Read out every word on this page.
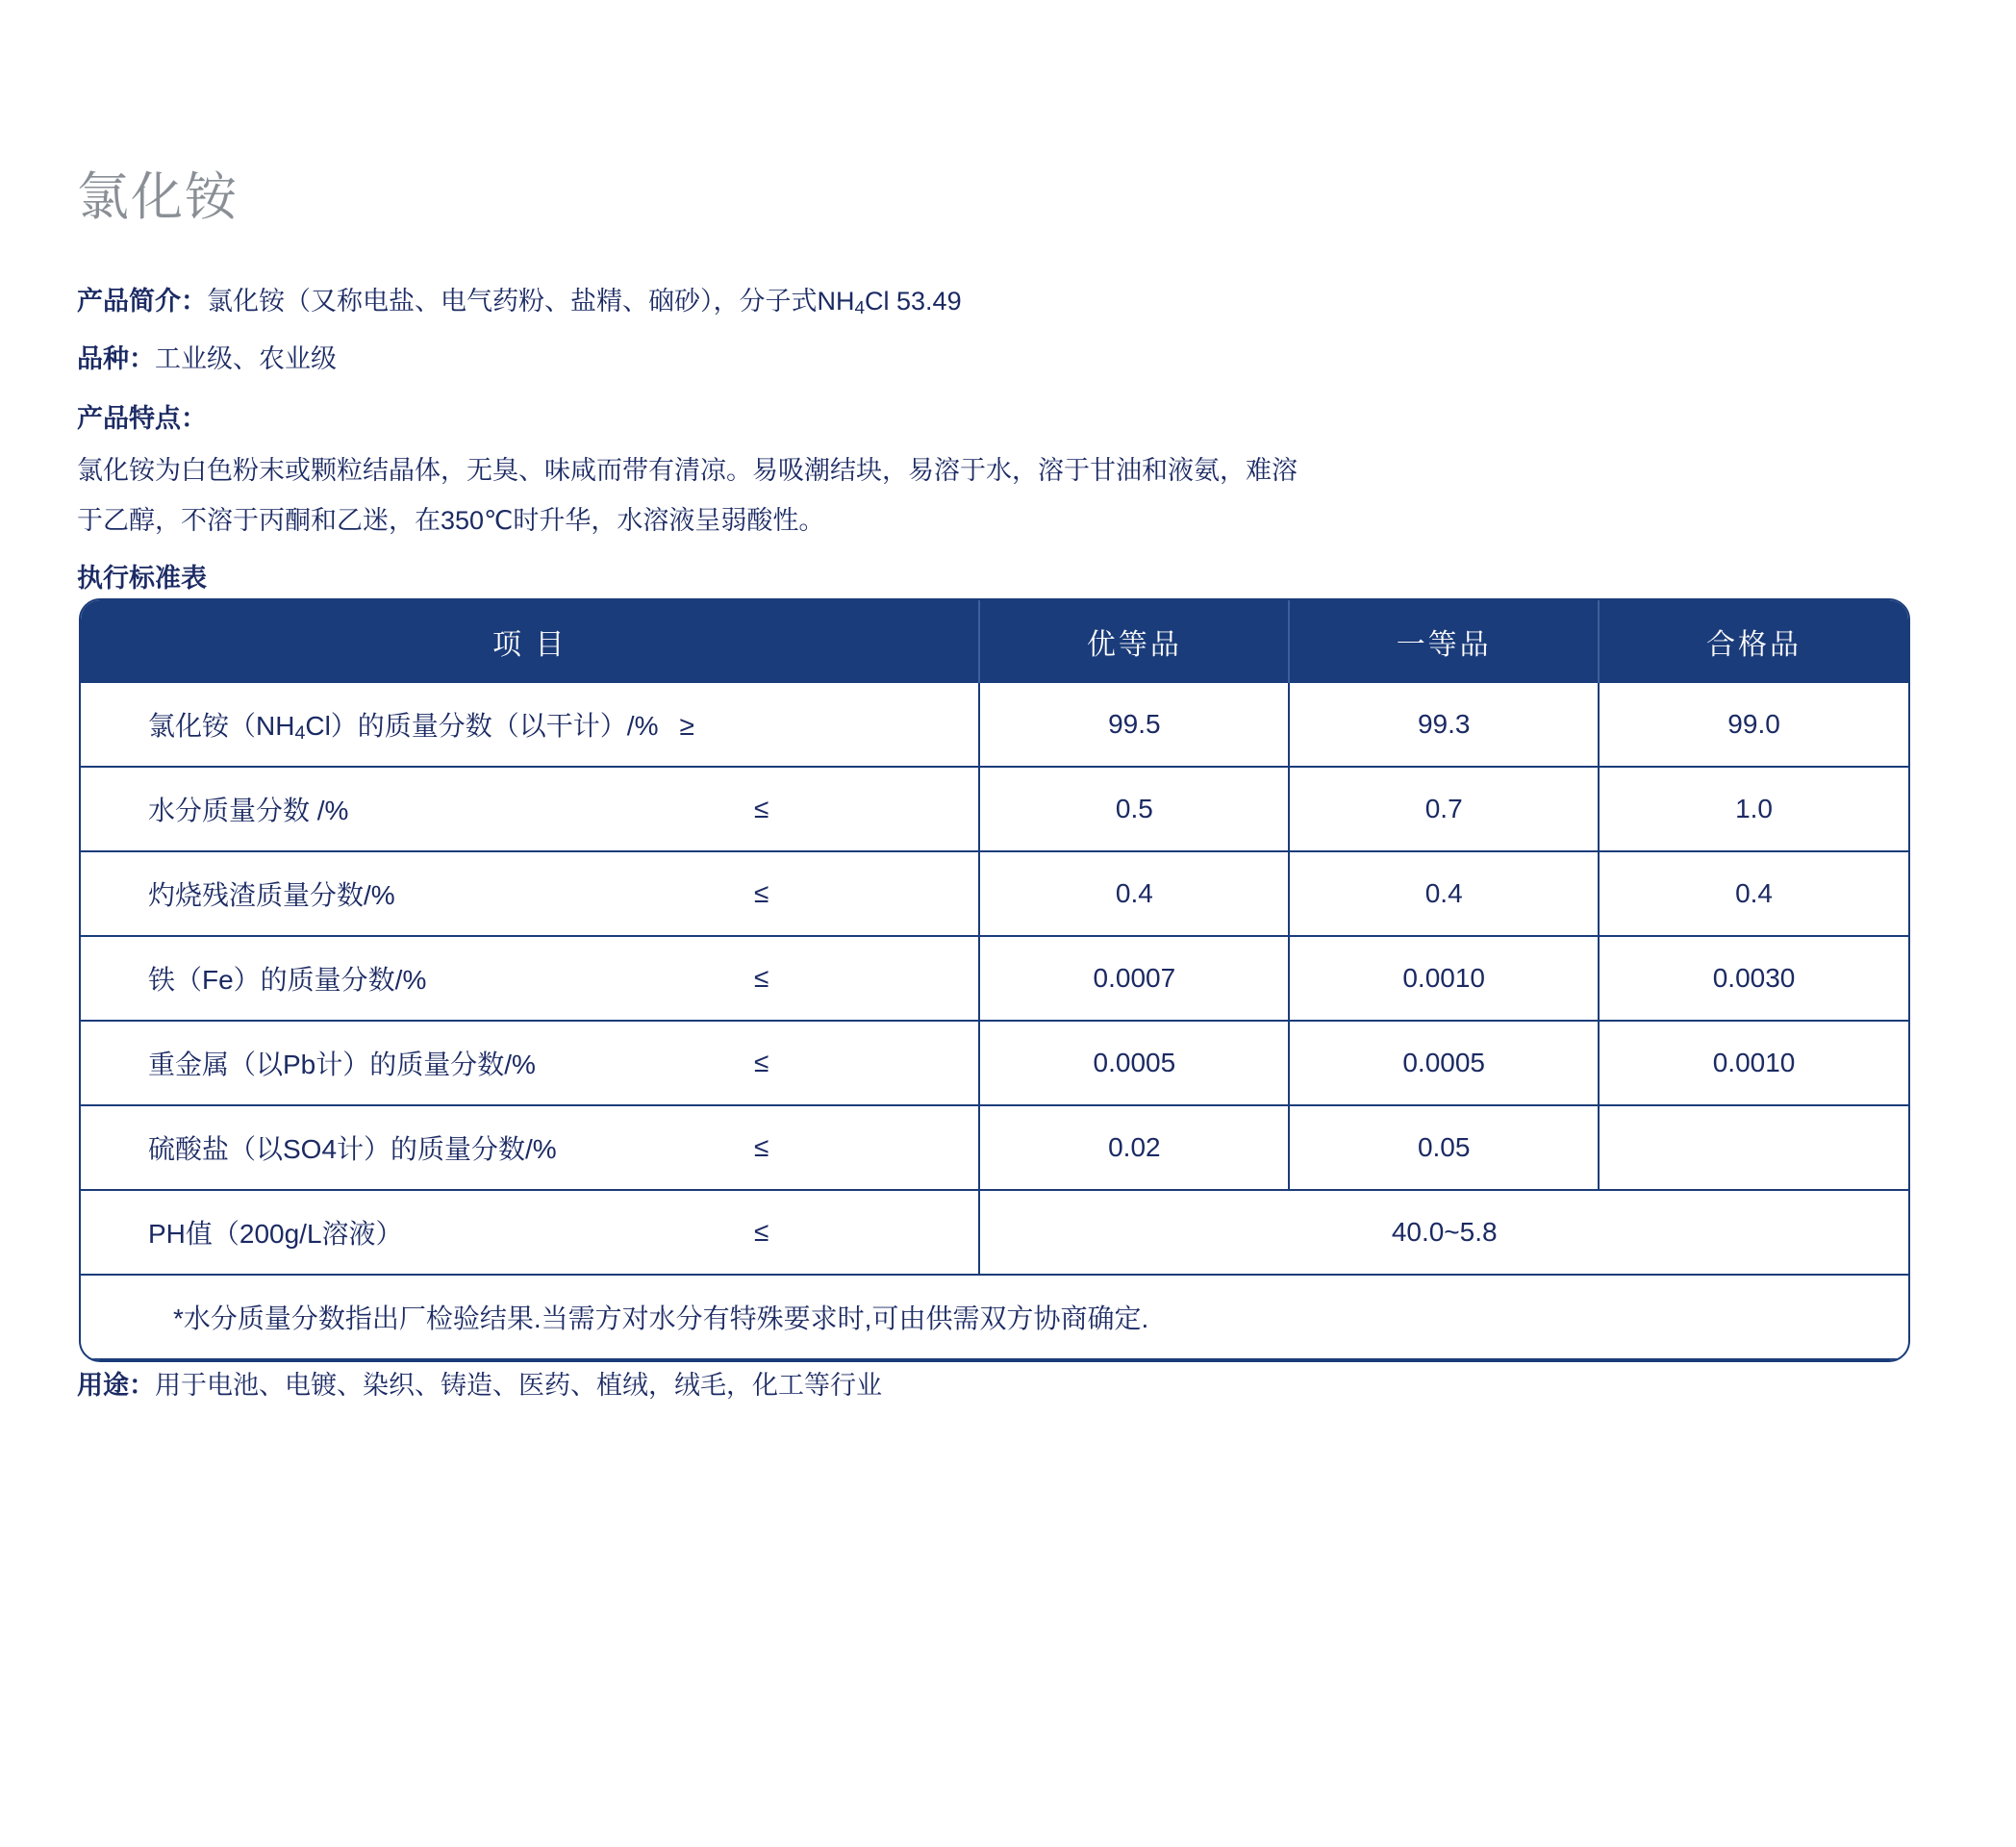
氯化铵
产品简介：氯化铵（又称电盐、电气药粉、盐精、硇砂），分子式$NH_4Cl$ 53.49
品种：工业级、农业级
产品特点：
氯化铵为白色粉末或颗粒结晶体，无臭、味咸而带有清凉。易吸潮结块，易溶于水，溶于甘油和液氨，难溶
于乙醇，不溶于丙酮和乙迷，在350℃时升华，水溶液呈弱酸性。
执行标准表
项 目	优等品	一等品	合格品
氯化铵$(NH_4Cl)$的质量分数（以干计）/% ≥	99.5	99.3	99.0
水分质量分数 /% ≤	0.5	0.7	1.0
灼烧残渣质量分数/% ≤	0.4	0.4	0.4
铁（Fe）的质量分数/% ≤	0.0007	0.0010	0.0030
重金属（以Pb计）的质量分数/% ≤	0.0005	0.0005	0.0010
硫酸盐（以SO4计）的质量分数/% ≤	0.02	0.05	
PH值（200g/L溶液） ≤	40.0~5.8		
*水分质量分数指出厂检验结果.当需方对水分有特殊要求时,可由供需双方协商确定.			
用途：用于电池、电镀、染织、铸造、医药、植绒，绒毛，化工等行业
